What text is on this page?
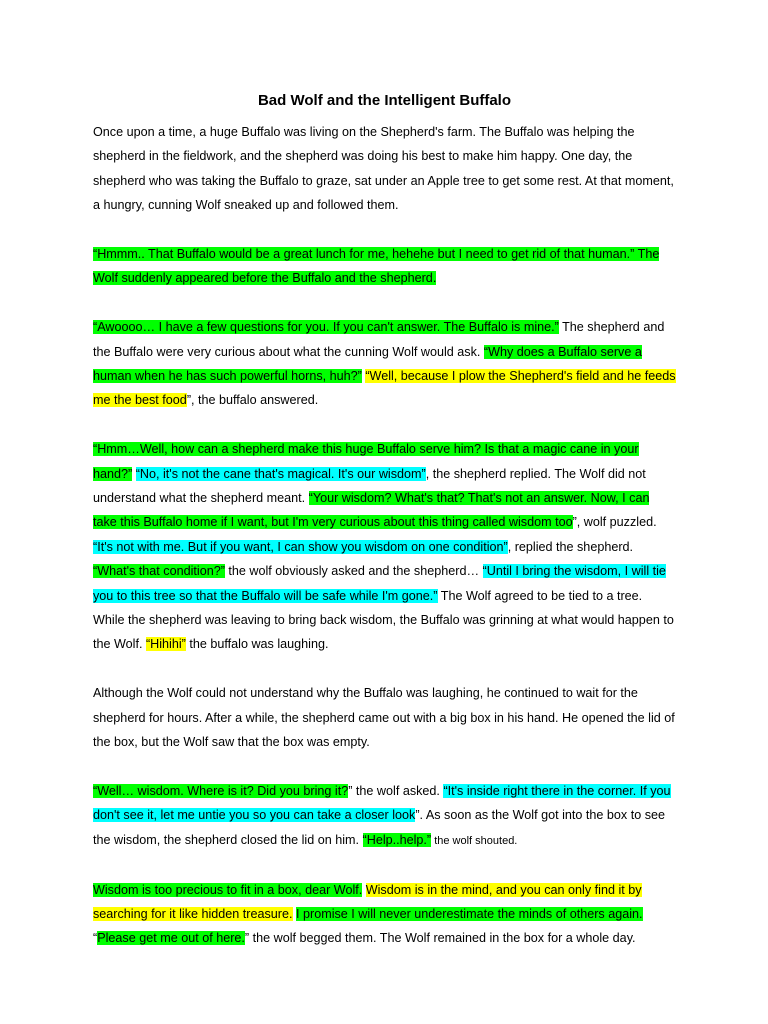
Bad Wolf and the Intelligent Buffalo

Once upon a time, a huge Buffalo was living on the Shepherd's farm. The Buffalo was helping the shepherd in the fieldwork, and the shepherd was doing his best to make him happy. One day, the shepherd who was taking the Buffalo to graze, sat under an Apple tree to get some rest. At that moment, a hungry, cunning Wolf sneaked up and followed them.

“Hmmm.. That Buffalo would be a great lunch for me, hehehe but I need to get rid of that human.” The Wolf suddenly appeared before the Buffalo and the shepherd.

“Awoooo… I have a few questions for you. If you can't answer. The Buffalo is mine.” The shepherd and the Buffalo were very curious about what the cunning Wolf would ask. “Why does a Buffalo serve a human when he has such powerful horns, huh?” “Well, because I plow the Shepherd's field and he feeds me the best food”, the buffalo answered.

“Hmm…Well, how can a shepherd make this huge Buffalo serve him? Is that a magic cane in your hand?” “No, it's not the cane that's magical. It's our wisdom”, the shepherd replied. The Wolf did not understand what the shepherd meant. “Your wisdom? What's that? That's not an answer. Now, I can take this Buffalo home if I want, but I'm very curious about this thing called wisdom too”, wolf puzzled. “It's not with me. But if you want, I can show you wisdom on one condition”, replied the shepherd. “What's that condition?” the wolf obviously asked and the shepherd… “Until I bring the wisdom, I will tie you to this tree so that the Buffalo will be safe while I'm gone.” The Wolf agreed to be tied to a tree. While the shepherd was leaving to bring back wisdom, the Buffalo was grinning at what would happen to the Wolf. “Hihihi” the buffalo was laughing.

Although the Wolf could not understand why the Buffalo was laughing, he continued to wait for the shepherd for hours. After a while, the shepherd came out with a big box in his hand. He opened the lid of the box, but the Wolf saw that the box was empty.

“Well… wisdom. Where is it? Did you bring it?” the wolf asked. “It's inside right there in the corner. If you don't see it, let me untie you so you can take a closer look”. As soon as the Wolf got into the box to see the wisdom, the shepherd closed the lid on him. “Help..help.” the wolf shouted.

Wisdom is too precious to fit in a box, dear Wolf. Wisdom is in the mind, and you can only find it by searching for it like hidden treasure. I promise I will never underestimate the minds of others again. “Please get me out of here.” the wolf begged them. The Wolf remained in the box for a whole day.
